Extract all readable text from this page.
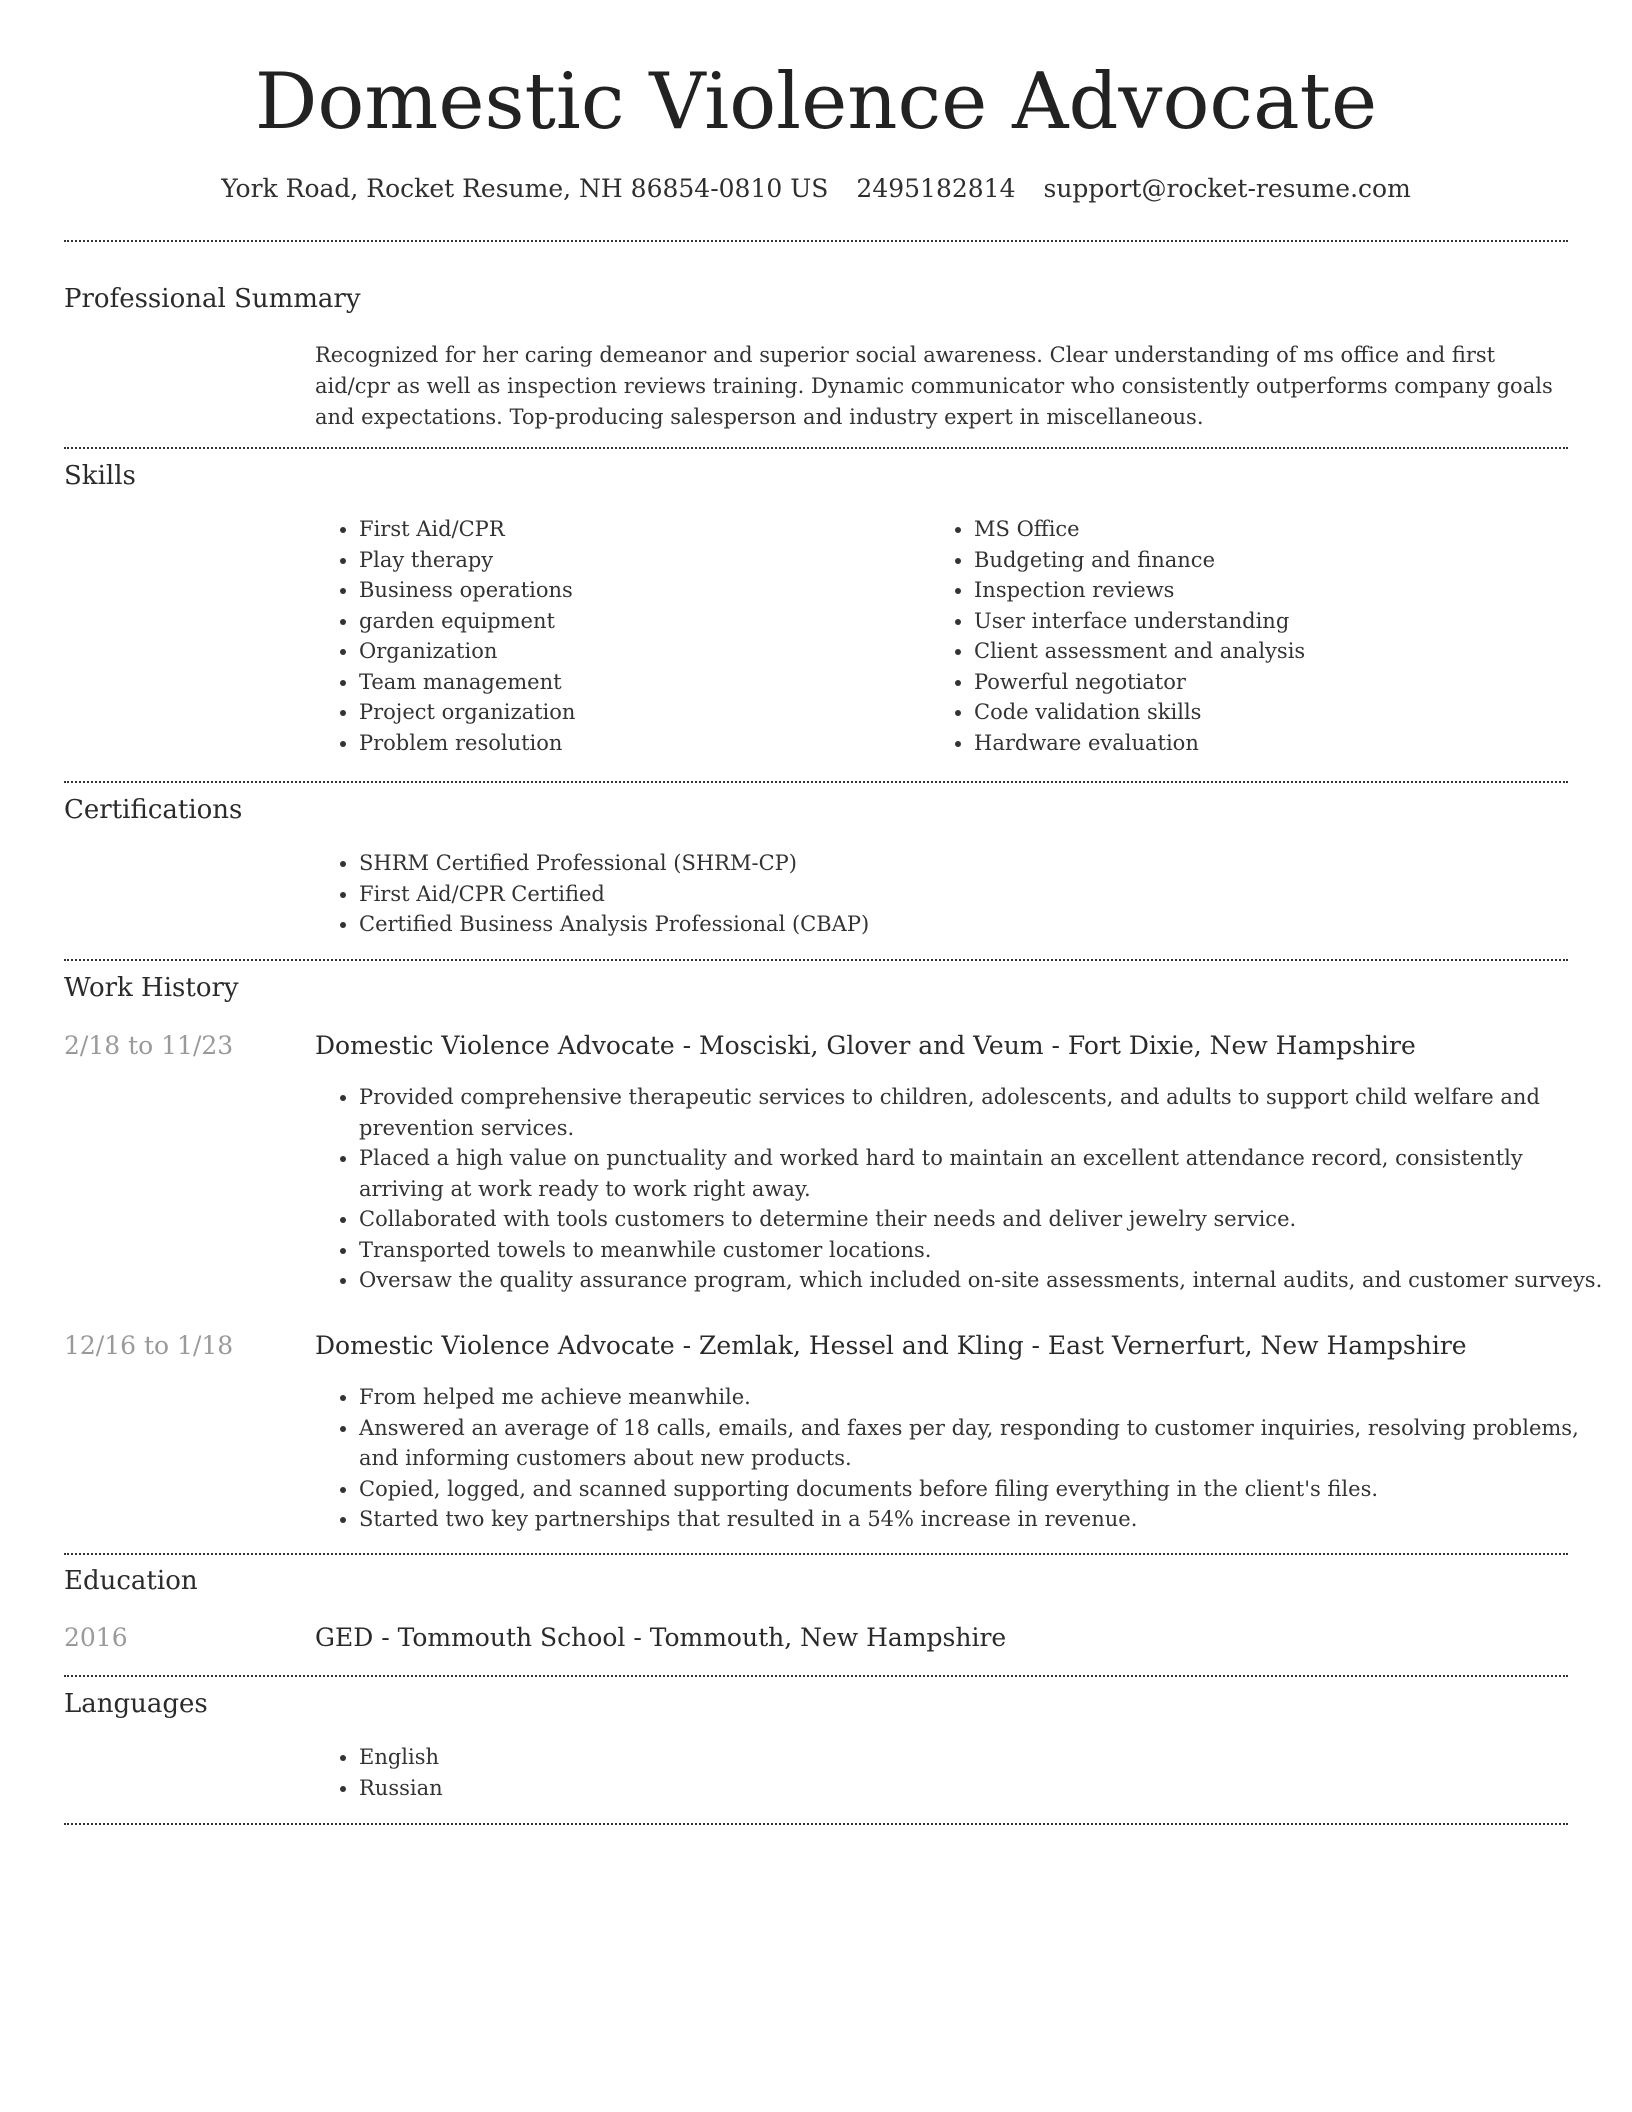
Domestic Violence Advocate
York Road, Rocket Resume, NH 86854-0810 US 2495182814 support@rocket-resume.com
Professional Summary
Recognized for her caring demeanor and superior social awareness. Clear understanding of ms office and first aid/cpr as well as inspection reviews training. Dynamic communicator who consistently outperforms company goals and expectations. Top-producing salesperson and industry expert in miscellaneous.
Skills
• First Aid/CPR
• Play therapy
• Business operations
• garden equipment
• Organization
• Team management
• Project organization
• Problem resolution
• MS Office
• Budgeting and finance
• Inspection reviews
• User interface understanding
• Client assessment and analysis
• Powerful negotiator
• Code validation skills
• Hardware evaluation
Certifications
• SHRM Certified Professional (SHRM-CP)
• First Aid/CPR Certified
• Certified Business Analysis Professional (CBAP)
Work History
2/18 to 11/23	Domestic Violence Advocate - Mosciski, Glover and Veum - Fort Dixie, New Hampshire
• Provided comprehensive therapeutic services to children, adolescents, and adults to support child welfare and prevention services.
• Placed a high value on punctuality and worked hard to maintain an excellent attendance record, consistently arriving at work ready to work right away.
• Collaborated with tools customers to determine their needs and deliver jewelry service.
• Transported towels to meanwhile customer locations.
• Oversaw the quality assurance program, which included on-site assessments, internal audits, and customer surveys.
12/16 to 1/18	Domestic Violence Advocate - Zemlak, Hessel and Kling - East Vernerfurt, New Hampshire
• From helped me achieve meanwhile.
• Answered an average of 18 calls, emails, and faxes per day, responding to customer inquiries, resolving problems, and informing customers about new products.
• Copied, logged, and scanned supporting documents before filing everything in the client's files.
• Started two key partnerships that resulted in a 54% increase in revenue.
Education
2016	GED - Tommouth School - Tommouth, New Hampshire
Languages
• English
• Russian
